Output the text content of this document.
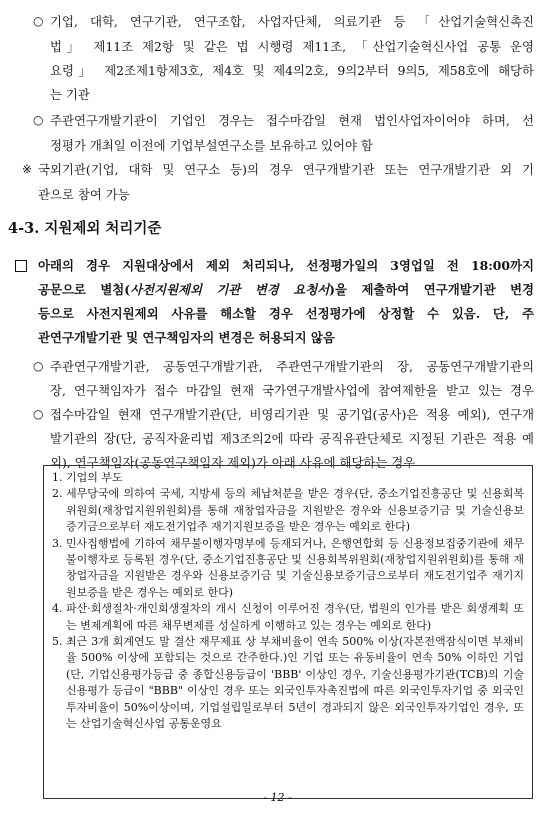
○ 기업, 대학, 연구기관, 연구조합, 사업자단체, 의료기관 등 「산업기술혁신촉진
법」 제11조 제2항 및 같은 법 시행령 제11조, 「산업기술혁신사업 공통 운영
요령」 제2조제1항제3호, 제4호 및 제4의2호, 9의2부터 9의5, 제58호에 해당하
는 기관
○ 주관연구개발기관이 기업인 경우는 접수마감일 현재 법인사업자이어야 하며, 선
정평가 개최일 이전에 기업부설연구소를 보유하고 있어야 함
※ 국외기관(기업, 대학 및 연구소 등)의 경우 연구개발기관 또는 연구개발기관 외 기
관으로 참여 가능
4-3. 지원제외 처리기준
아래의 경우 지원대상에서 제외 처리되나, 선정평가일의 3영업일 전 18:00까지
공문으로 별첨(사전지원제외 기관 변경 요청서)을 제출하여 연구개발기관 변경
등으로 사전지원제외 사유를 해소할 경우 선정평가에 상정할 수 있음. 단, 주
관연구개발기관 및 연구책임자의 변경은 허용되지 않음
○ 주관연구개발기관, 공동연구개발기관, 주관연구개발기관의 장, 공동연구개발기관의
장, 연구책임자가 접수 마감일 현재 국가연구개발사업에 참여제한을 받고 있는 경우
○ 접수마감일 현재 연구개발기관(단, 비영리기관 및 공기업(공사)은 적용 예외), 연구개
발기관의 장(단, 공직자윤리법 제3조의2에 따라 공직유관단체로 지정된 기관은 적용 예
외), 연구책임자(공동연구책임자 제외)가 아래 사유에 해당하는 경우
1. 기업의 부도
2. 세무당국에 의하여 국세, 지방세 등의 체납처분을 받은 경우(단, 중소기업진흥공단 및 신용회복위원회(재창업지원위원회)를 통해 재창업자금을 지원받은 경우와 신용보증기금 및 기술신용보증기금으로부터 재도전기업주 재기지원보증을 받은 경우는 예외로 한다)
3. 민사집행법에 기하여 채무불이행자명부에 등재되거나, 은행연합회 등 신용정보집중기관에 채무불이행자로 등록된 경우(단, 중소기업진흥공단 및 신용회복위원회(재창업지원위원회)를 통해 재창업자금을 지원받은 경우와 신용보증기금 및 기술신용보증기금으로부터 재도전기업주 재기지원보증을 받은 경우는 예외로 한다)
4. 파산·회생절차·개인회생절차의 개시 신청이 이루어진 경우(단, 법원의 인가를 받은 회생계획 또는 변제계획에 따른 채무변제를 성실하게 이행하고 있는 경우는 예외로 한다)
5. 최근 3개 회계연도 말 결산 재무제표 상 부채비율이 연속 500% 이상(자본전액잠식이면 부채비율 500% 이상에 포함되는 것으로 간주한다.)인 기업 또는 유동비율이 연속 50% 이하인 기업(단, 기업신용평가등급 중 종합신용등급이 'BBB' 이상인 경우, 기술신용평가기관(TCB)의 기술신용평가 등급이 "BBB" 이상인 경우 또는 외국인투자촉진법에 따른 외국인투자기업 중 외국인투자비율이 50%이상이며, 기업설립일로부터 5년이 경과되지 않은 외국인투자기업인 경우, 또는 산업기술혁신사업 공통운영요
- 12 -
